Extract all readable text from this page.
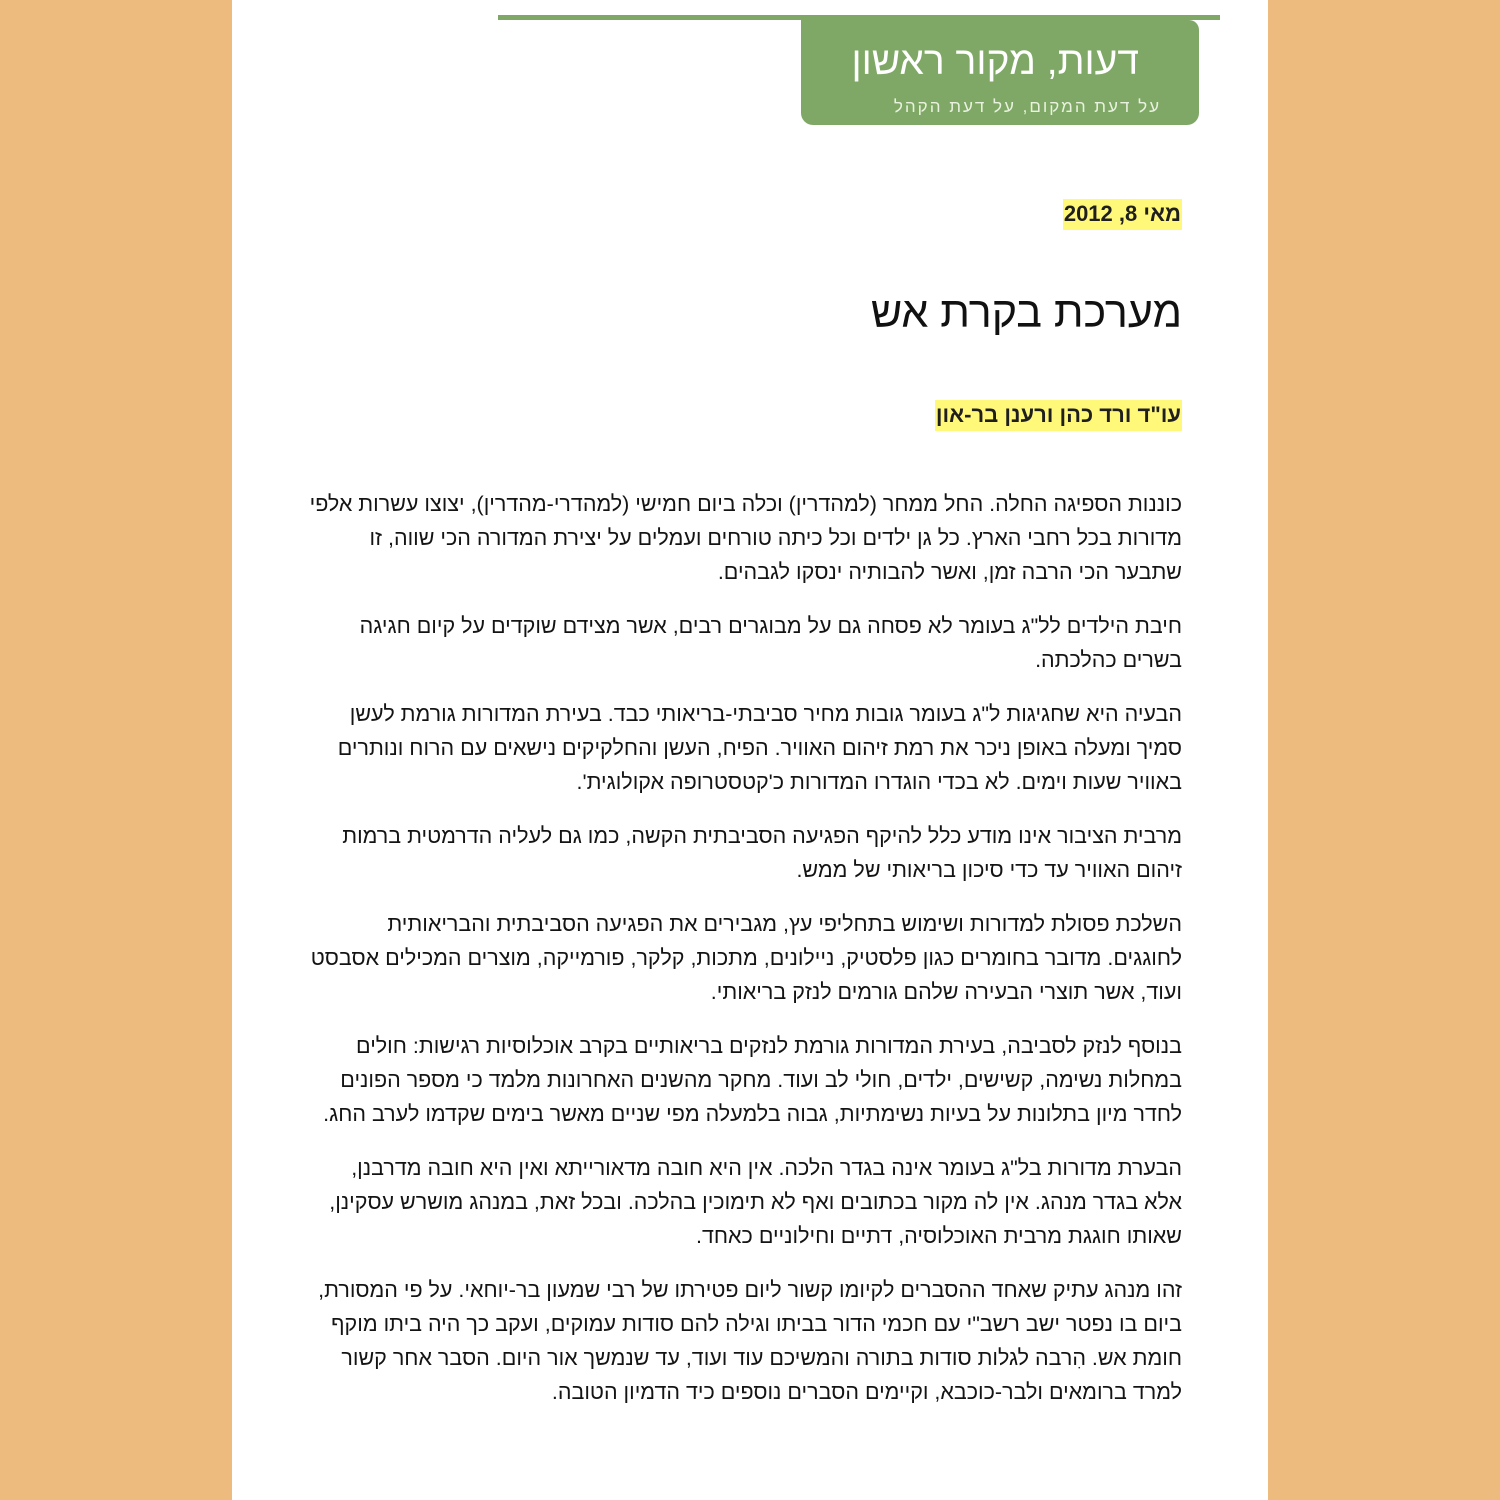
דעות, מקור ראשון
על דעת המקום, על דעת הקהל
מאי 8, 2012
מערכת בקרת אש
עו"ד ורד כהן ורענן בר-און

כוננות הספיגה החלה. החל ממחר (למהדרין) וכלה ביום חמישי (למהדרי-מהדרין), יצוצו עשרות אלפי מדורות בכל רחבי הארץ. כל גן ילדים וכל כיתה טורחים ועמלים על יצירת המדורה הכי שווה, זו שתבער הכי הרבה זמן, ואשר להבותיה ינסקו לגבהים.

חיבת הילדים לל"ג בעומר לא פסחה גם על מבוגרים רבים, אשר מצידם שוקדים על קיום חגיגה בשרים כהלכתה.

הבעיה היא שחגיגות ל"ג בעומר גובות מחיר סביבתי-בריאותי כבד. בעירת המדורות גורמת לעשן סמיך ומעלה באופן ניכר את רמת זיהום האוויר. הפיח, העשן והחלקיקים נישאים עם הרוח ונותרים באוויר שעות וימים. לא בכדי הוגדרו המדורות כ'קטסטרופה אקולוגית'.

מרבית הציבור אינו מודע כלל להיקף הפגיעה הסביבתית הקשה, כמו גם לעליה הדרמטית ברמות זיהום האוויר עד כדי סיכון בריאותי של ממש.

השלכת פסולת למדורות ושימוש בתחליפי עץ, מגבירים את הפגיעה הסביבתית והבריאותית לחוגגים. מדובר בחומרים כגון פלסטיק, ניילונים, מתכות, קלקר, פורמייקה, מוצרים המכילים אסבסט ועוד, אשר תוצרי הבעירה שלהם גורמים לנזק בריאותי.

בנוסף לנזק לסביבה, בעירת המדורות גורמת לנזקים בריאותיים בקרב אוכלוסיות רגישות: חולים במחלות נשימה, קשישים, ילדים, חולי לב ועוד. מחקר מהשנים האחרונות מלמד כי מספר הפונים לחדר מיון בתלונות על בעיות נשימתיות, גבוה בלמעלה מפי שניים מאשר בימים שקדמו לערב החג.

הבערת מדורות בל"ג בעומר אינה בגדר הלכה. אין היא חובה מדאורייתא ואין היא חובה מדרבנן, אלא בגדר מנהג. אין לה מקור בכתובים ואף לא תימוכין בהלכה. ובכל זאת, במנהג מושרש עסקינן, שאותו חוגגת מרבית האוכלוסיה, דתיים וחילוניים כאחד.

זהו מנהג עתיק שאחד ההסברים לקיומו קשור ליום פטירתו של רבי שמעון בר-יוחאי. על פי המסורת, ביום בו נפטר ישב רשב"י עם חכמי הדור בביתו וגילה להם סודות עמוקים, ועקב כך היה ביתו מוקף חומת אש. הִרבה לגלות סודות בתורה והמשיכם עוד ועוד, עד שנמשך אור היום. הסבר אחר קשור למרד ברומאים ולבר-כוכבא, וקיימים הסברים נוספים כיד הדמיון הטובה.
